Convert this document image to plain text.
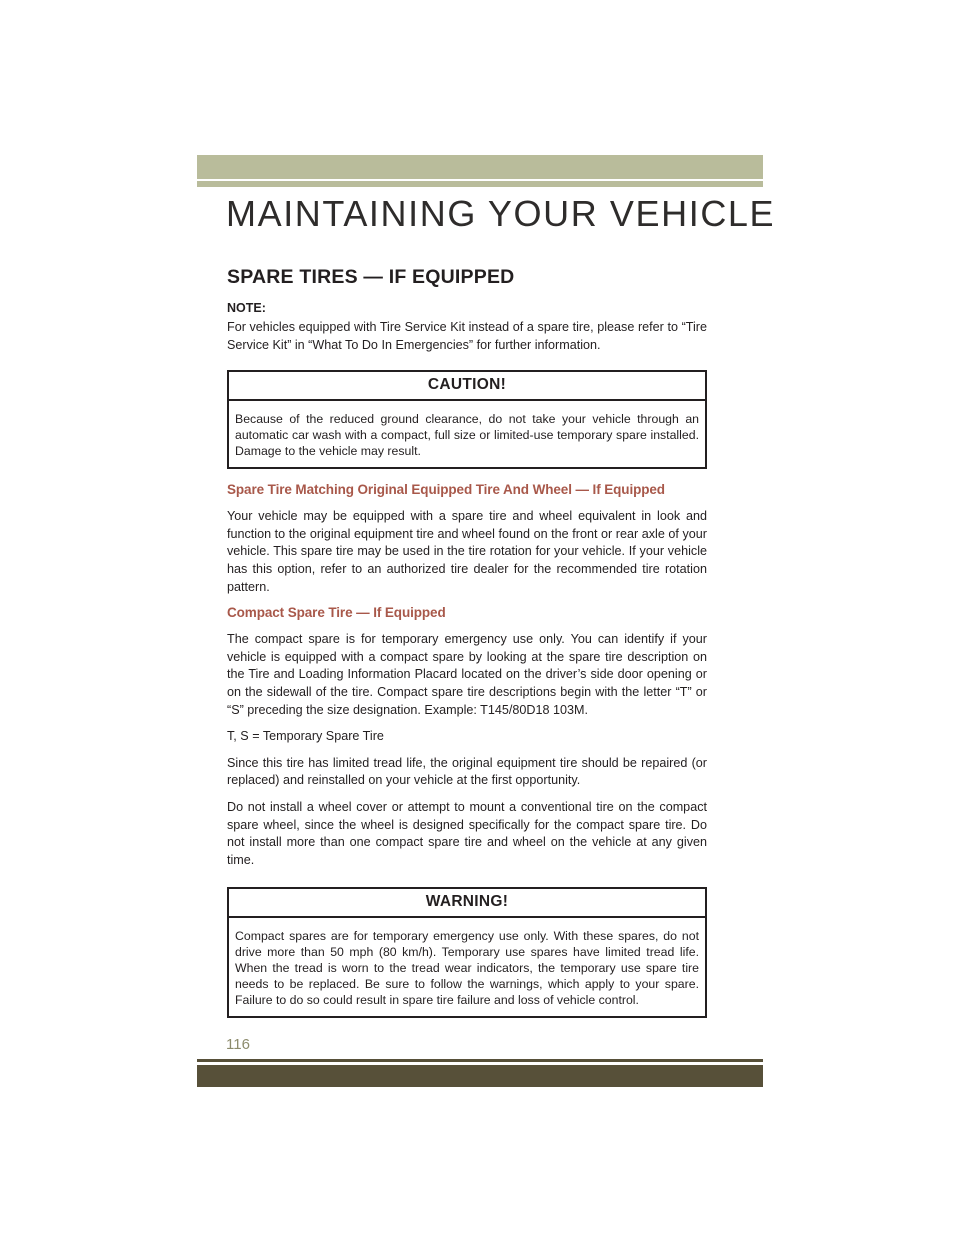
MAINTAINING YOUR VEHICLE
SPARE TIRES — IF EQUIPPED
NOTE:

For vehicles equipped with Tire Service Kit instead of a spare tire, please refer to “Tire Service Kit” in “What To Do In Emergencies” for further information.

CAUTION!
Because of the reduced ground clearance, do not take your vehicle through an automatic car wash with a compact, full size or limited-use temporary spare installed. Damage to the vehicle may result.
Spare Tire Matching Original Equipped Tire And Wheel — If Equipped

Your vehicle may be equipped with a spare tire and wheel equivalent in look and function to the original equipment tire and wheel found on the front or rear axle of your vehicle. This spare tire may be used in the tire rotation for your vehicle. If your vehicle has this option, refer to an authorized tire dealer for the recommended tire rotation pattern.

Compact Spare Tire — If Equipped

The compact spare is for temporary emergency use only. You can identify if your vehicle is equipped with a compact spare by looking at the spare tire description on the Tire and Loading Information Placard located on the driver’s side door opening or on the sidewall of the tire. Compact spare tire descriptions begin with the letter “T” or “S” preceding the size designation. Example: T145/80D18 103M.

T, S = Temporary Spare Tire

Since this tire has limited tread life, the original equipment tire should be repaired (or replaced) and reinstalled on your vehicle at the first opportunity.

Do not install a wheel cover or attempt to mount a conventional tire on the compact spare wheel, since the wheel is designed specifically for the compact spare tire. Do not install more than one compact spare tire and wheel on the vehicle at any given time.

WARNING!
Compact spares are for temporary emergency use only. With these spares, do not drive more than 50 mph (80 km/h). Temporary use spares have limited tread life. When the tread is worn to the tread wear indicators, the temporary use spare tire needs to be replaced. Be sure to follow the warnings, which apply to your spare. Failure to do so could result in spare tire failure and loss of vehicle control.
116
